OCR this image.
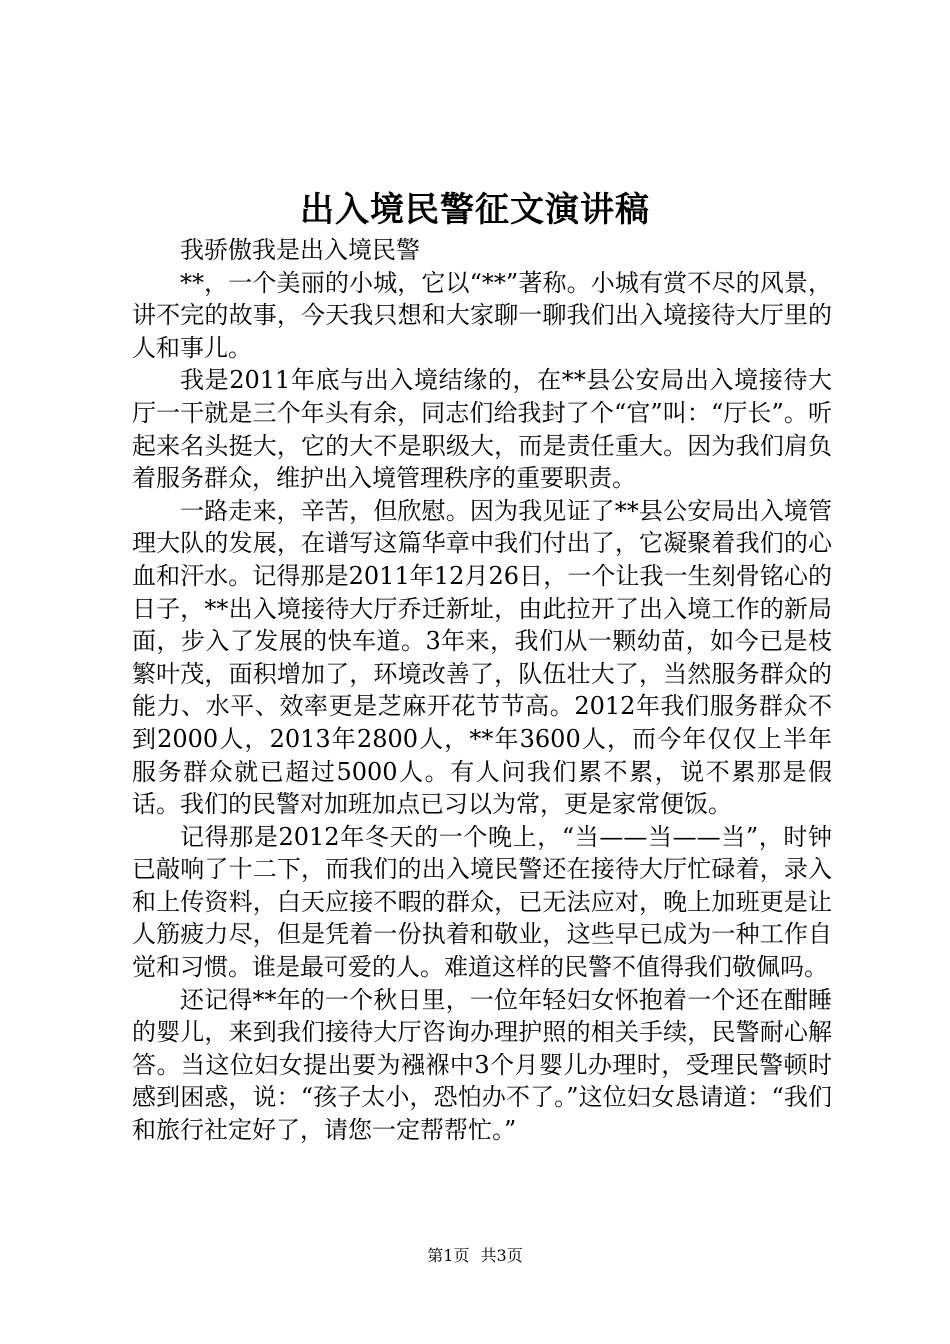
出入境民警征文演讲稿

我骄傲我是出入境民警

**，一个美丽的小城，它以“**”著称。小城有赏不尽的风景，讲不完的故事，今天我只想和大家聊一聊我们出入境接待大厅里的人和事儿。

我是2011年底与出入境结缘的，在**县公安局出入境接待大厅一干就是三个年头有余，同志们给我封了个“官”叫：“厅长”。听起来名头挺大，它的大不是职级大，而是责任重大。因为我们肩负着服务群众，维护出入境管理秩序的重要职责。

一路走来，辛苦，但欣慰。因为我见证了**县公安局出入境管理大队的发展，在谱写这篇华章中我们付出了，它凝聚着我们的心血和汗水。记得那是2011年12月26日，一个让我一生刻骨铭心的日子，**出入境接待大厅乔迁新址，由此拉开了出入境工作的新局面，步入了发展的快车道。3年来，我们从一颗幼苗，如今已是枝繁叶茂，面积增加了，环境改善了，队伍壮大了，当然服务群众的能力、水平、效率更是芝麻开花节节高。2012年我们服务群众不到2000人，2013年2800人，**年3600人，而今年仅仅上半年服务群众就已超过5000人。有人问我们累不累，说不累那是假话。我们的民警对加班加点已习以为常，更是家常便饭。

记得那是2012年冬天的一个晚上，“当——当——当”，时钟已敲响了十二下，而我们的出入境民警还在接待大厅忙碌着，录入和上传资料，白天应接不暇的群众，已无法应对，晚上加班更是让人筋疲力尽，但是凭着一份执着和敬业，这些早已成为一种工作自觉和习惯。谁是最可爱的人。难道这样的民警不值得我们敬佩吗。

还记得**年的一个秋日里，一位年轻妇女怀抱着一个还在酣睡的婴儿，来到我们接待大厅咨询办理护照的相关手续，民警耐心解答。当这位妇女提出要为襁褓中3个月婴儿办理时，受理民警顿时感到困惑，说：“孩子太小，恐怕办不了。”这位妇女恳请道：“我们和旅行社定好了，请您一定帮帮忙。”

第1页 共3页
